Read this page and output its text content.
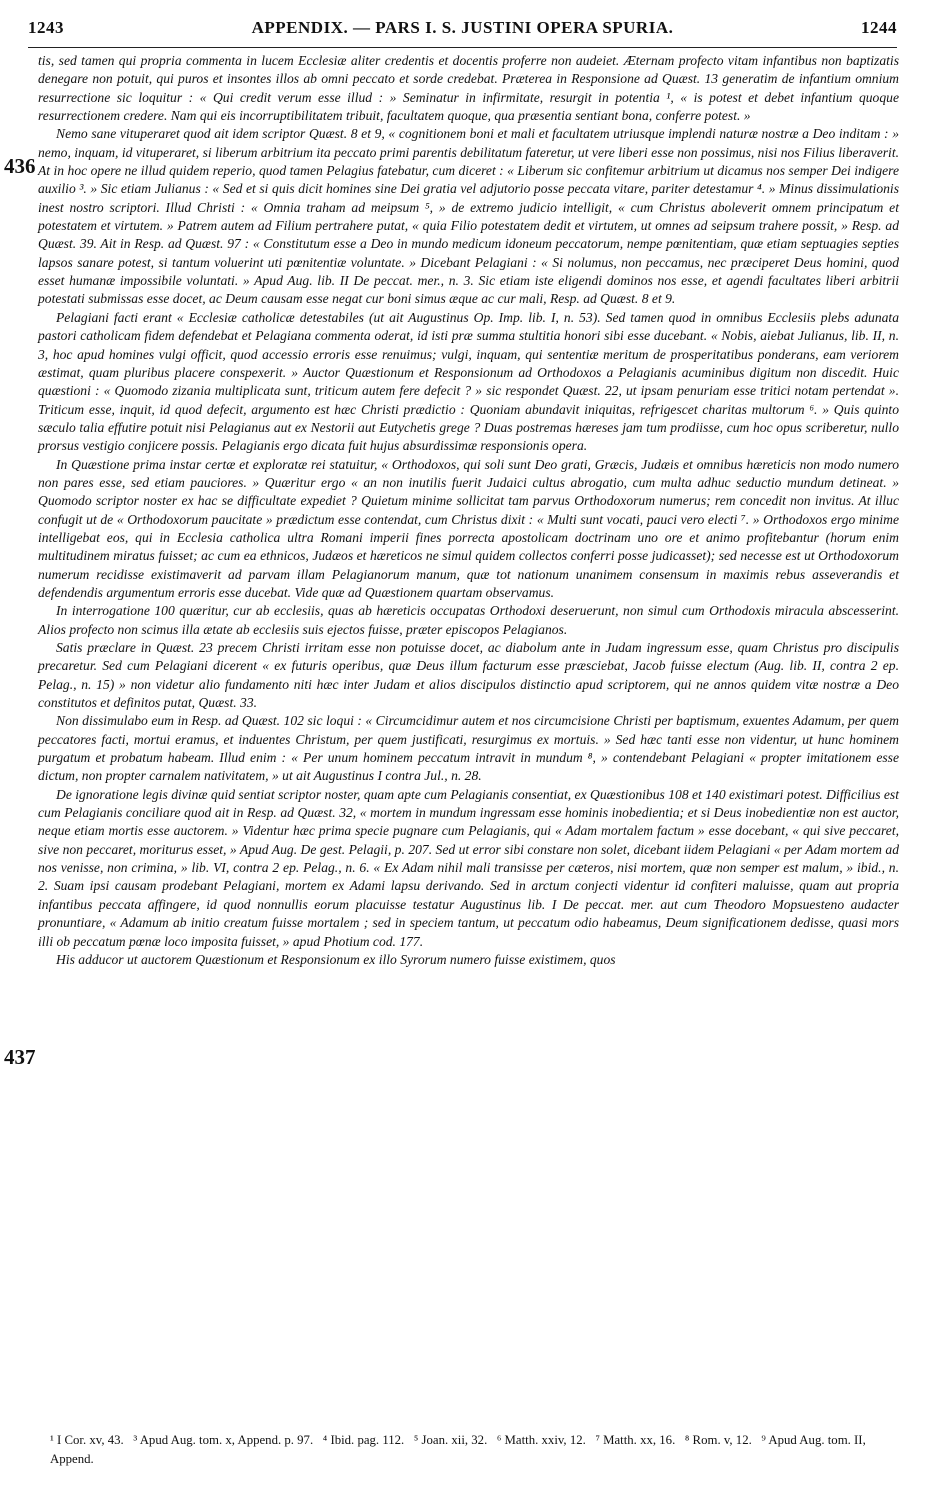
1243	APPENDIX. — PARS I. S. JUSTINI OPERA SPURIA.	1244
436
437

tis, sed tamen qui propria commenta in lucem Ecclesiæ aliter credentis et docentis proferre non audeiet. Æternam profecto vitam infantibus non baptizatis denegare non potuit, qui puros et insontes illos ab omni peccato et sorde credebat. Præterea in Responsione ad Quæst. 13 generatim de infantium omnium resurrectione sic loquitur : « Qui credit verum esse illud : » Seminatur in infirmitate, resurgit in potentia ¹, « is potest et debet infantium quoque resurrectionem credere. Nam qui eis incorruptibilitatem tribuit, facultatem quoque, qua præsentia sentiant bona, conferre potest. »

Nemo sane vituperaret quod ait idem scriptor Quæst. 8 et 9, « cognitionem boni et mali et facultatem utriusque implendi naturæ nostræ a Deo inditam : » nemo, inquam, id vituperaret, si liberum arbitrium ita peccato primi parentis debilitatum fateretur, ut vere liberi esse non possimus, nisi nos Filius liberaverit. At in hoc opere ne illud quidem reperio, quod tamen Pelagius fatebatur, cum diceret : « Liberum sic confitemur arbitrium ut dicamus nos semper Dei indigere auxilio ³. » Sic etiam Julianus : « Sed et si quis dicit homines sine Dei gratia vel adjutorio posse peccata vitare, pariter detestamur ⁴. » Minus dissimulationis inest nostro scriptori. Illud Christi : « Omnia traham ad meipsum ⁵, » de extremo judicio intelligit, « cum Christus aboleverit omnem principatum et potestatem et virtutem. » Patrem autem ad Filium pertrahere putat, « quia Filio potestatem dedit et virtutem, ut omnes ad seipsum trahere possit, » Resp. ad Quæst. 39. Ait in Resp. ad Quæst. 97 : « Constitutum esse a Deo in mundo medicum idoneum peccatorum, nempe pœnitentiam, quæ etiam septuagies septies lapsos sanare potest, si tantum voluerint uti pœnitentiæ voluntate. » Dicebant Pelagiani : « Si nolumus, non peccamus, nec præciperet Deus homini, quod esset humanæ impossibile voluntati. » Apud Aug. lib. II De peccat. mer., n. 3. Sic etiam iste eligendi dominos nos esse, et agendi facultates liberi arbitrii potestati submissas esse docet, ac Deum causam esse negat cur boni simus æque ac cur mali, Resp. ad Quæst. 8 et 9.

Pelagiani facti erant « Ecclesiæ catholicæ detestabiles (ut ait Augustinus Op. Imp. lib. I, n. 53). Sed tamen quod in omnibus Ecclesiis plebs adunata pastori catholicam fidem defendebat et Pelagiana commenta oderat, id isti præ summa stultitia honori sibi esse ducebant. « Nobis, aiebat Julianus, lib. II, n. 3, hoc apud homines vulgi officit, quod accessio erroris esse renuimus; vulgi, inquam, qui sententiæ meritum de prosperitatibus ponderans, eam veriorem æstimat, quam pluribus placere conspexerit. » Auctor Quæstionum et Responsionum ad Orthodoxos a Pelagianis acuminibus digitum non discedit. Huic quæstioni : « Quomodo zizania multiplicata sunt, triticum autem fere defecit ? » sic respondet Quæst. 22, ut ipsam penuriam esse tritici notam pertendat ». Triticum esse, inquit, id quod defecit, argumento est hæc Christi prædictio : Quoniam abundavit iniquitas, refrigescet charitas multorum ⁶. » Quis quinto sæculo talia effutire potuit nisi Pelagianus aut ex Nestorii aut Eutychetis grege ? Duas postremas hæreses jam tum prodiisse, cum hoc opus scriberetur, nullo prorsus vestigio conjicere possis. Pelagianis ergo dicata fuit hujus absurdissimæ responsionis opera.

In Quæstione prima instar certæ et exploratæ rei statuitur, « Orthodoxos, qui soli sunt Deo grati, Græcis, Judæis et omnibus hæreticis non modo numero non pares esse, sed etiam pauciores. » Quæritur ergo « an non inutilis fuerit Judaici cultus abrogatio, cum multa adhuc seductio mundum detineat. » Quomodo scriptor noster ex hac se difficultate expediet ? Quietum minime sollicitat tam parvus Orthodoxorum numerus; rem concedit non invitus. At illuc confugit ut de « Orthodoxorum paucitate » prædictum esse contendat, cum Christus dixit : « Multi sunt vocati, pauci vero electi ⁷. » Orthodoxos ergo minime intelligebat eos, qui in Ecclesia catholica ultra Romani imperii fines porrecta apostolicam doctrinam uno ore et animo profitebantur (horum enim multitudinem miratus fuisset; ac cum ea ethnicos, Judæos et hæreticos ne simul quidem collectos conferri posse judicasset); sed necesse est ut Orthodoxorum numerum recidisse existimaverit ad parvam illam Pelagianorum manum, quæ tot nationum unanimem consensum in maximis rebus asseverandis et defendendis argumentum erroris esse ducebat. Vide quæ ad Quæstionem quartam observamus.

In interrogatione 100 quæritur, cur ab ecclesiis, quas ab hæreticis occupatas Orthodoxi deseruerunt, non simul cum Orthodoxis miracula abscesserint. Alios profecto non scimus illa ætate ab ecclesiis suis ejectos fuisse, præter episcopos Pelagianos.

Satis præclare in Quæst. 23 precem Christi irritam esse non potuisse docet, ac diabolum ante in Judam ingressum esse, quam Christus pro discipulis precaretur. Sed cum Pelagiani dicerent « ex futuris operibus, quæ Deus illum facturum esse præsciebat, Jacob fuisse electum (Aug. lib. II, contra 2 ep. Pelag., n. 15) » non videtur alio fundamento niti hæc inter Judam et alios discipulos distinctio apud scriptorem, qui ne annos quidem vitæ nostræ a Deo constitutos et definitos putat, Quæst. 33.

Non dissimulabo eum in Resp. ad Quæst. 102 sic loqui : « Circumcidimur autem et nos circumcisione Christi per baptismum, exuentes Adamum, per quem peccatores facti, mortui eramus, et induentes Christum, per quem justificati, resurgimus ex mortuis. » Sed hæc tanti esse non videntur, ut hunc hominem purgatum et probatum habeam. Illud enim : « Per unum hominem peccatum intravit in mundum ⁸, » contendebant Pelagiani « propter imitationem esse dictum, non propter carnalem nativitatem, » ut ait Augustinus I contra Jul., n. 28.

De ignoratione legis divinæ quid sentiat scriptor noster, quam apte cum Pelagianis consentiat, ex Quæstionibus 108 et 140 existimari potest. Difficilius est cum Pelagianis conciliare quod ait in Resp. ad Quæst. 32, « mortem in mundum ingressam esse hominis inobedientia; et si Deus inobedientiæ non est auctor, neque etiam mortis esse auctorem. » Videntur hæc prima specie pugnare cum Pelagianis, qui « Adam mortalem factum » esse docebant, « qui sive peccaret, sive non peccaret, moriturus esset, » Apud Aug. De gest. Pelagii, p. 207. Sed ut error sibi constare non solet, dicebant iidem Pelagiani « per Adam mortem ad nos venisse, non crimina, » lib. VI, contra 2 ep. Pelag., n. 6. « Ex Adam nihil mali transisse per cæteros, nisi mortem, quæ non semper est malum, » ibid., n. 2. Suam ipsi causam prodebant Pelagiani, mortem ex Adami lapsu derivando. Sed in arctum conjecti videntur id confiteri maluisse, quam aut propria infantibus peccata affingere, id quod nonnullis eorum placuisse testatur Augustinus lib. I De peccat. mer. aut cum Theodoro Mopsuesteno audacter pronuntiare, « Adamum ab initio creatum fuisse mortalem ; sed in speciem tantum, ut peccatum odio habeamus, Deum significationem dedisse, quasi mors illi ob peccatum pœnæ loco imposita fuisset, » apud Photium cod. 177.

His adducor ut auctorem Quæstionum et Responsionum ex illo Syrorum numero fuisse existimem, quos

¹ I Cor. xv, 43. ³ Apud Aug. tom. x, Append. p. 97. ⁴ Ibid. pag. 112. ⁵ Joan. xii, 32. ⁶ Matth. xxiv, 12. ⁷ Matth. xx, 16. ⁸ Rom. v, 12. ⁹ Apud Aug. tom. II, Append.
